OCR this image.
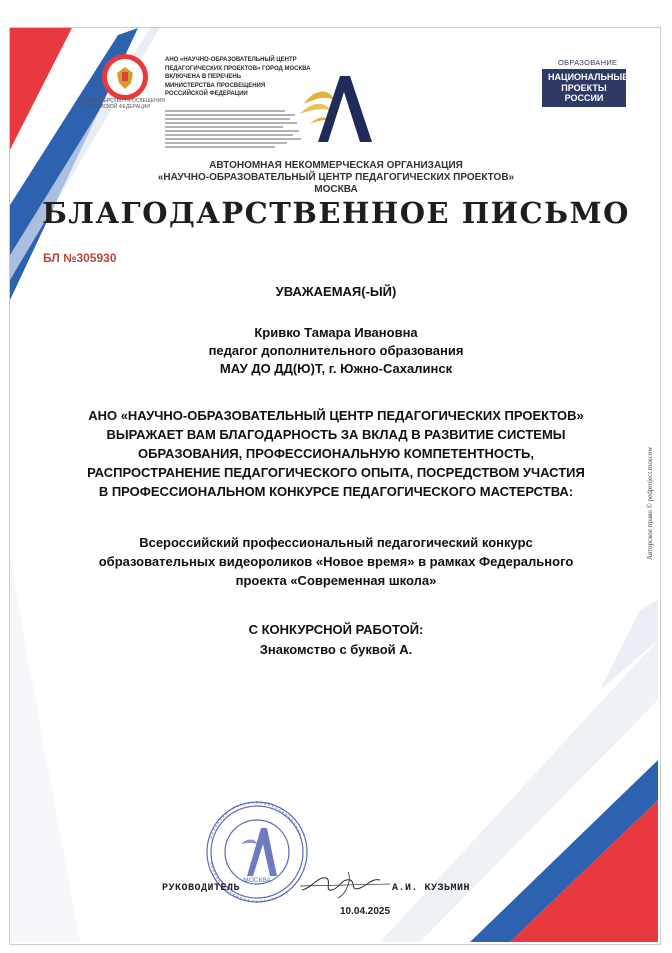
МИНИСТЕРСТВО ПРОСВЕЩЕНИЯ
РОССИЙСКОЙ ФЕДЕРАЦИИ
АНО «НАУЧНО-ОБРАЗОВАТЕЛЬНЫЙ ЦЕНТР
ПЕДАГОГИЧЕСКИХ ПРОЕКТОВ» ГОРОД МОСКВА
ВКЛЮЧЕНА В ПЕРЕЧЕНЬ
МИНИСТЕРСТВА ПРОСВЕЩЕНИЯ
РОССИЙСКОЙ ФЕДЕРАЦИИ
ОБРАЗОВАНИЕ
НАЦИОНАЛЬНЫЕ
ПРОЕКТЫ
РОССИИ
АВТОНОМНАЯ НЕКОММЕРЧЕСКАЯ ОРГАНИЗАЦИЯ
«НАУЧНО-ОБРАЗОВАТЕЛЬНЫЙ ЦЕНТР ПЕДАГОГИЧЕСКИХ ПРОЕКТОВ»
МОСКВА
БЛАГОДАРСТВЕННОЕ ПИСЬМО
БЛ №305930
УВАЖАЕМАЯ(-ЫЙ)
Кривко Тамара Ивановна
педагог дополнительного образования
МАУ ДО ДД(Ю)Т, г. Южно-Сахалинск
АНО «НАУЧНО-ОБРАЗОВАТЕЛЬНЫЙ ЦЕНТР ПЕДАГОГИЧЕСКИХ ПРОЕКТОВ»
ВЫРАЖАЕТ ВАМ БЛАГОДАРНОСТЬ ЗА ВКЛАД В РАЗВИТИЕ СИСТЕМЫ
ОБРАЗОВАНИЯ, ПРОФЕССИОНАЛЬНУЮ КОМПЕТЕНТНОСТЬ,
РАСПРОСТРАНЕНИЕ ПЕДАГОГИЧЕСКОГО ОПЫТА, ПОСРЕДСТВОМ УЧАСТИЯ
В ПРОФЕССИОНАЛЬНОМ КОНКУРСЕ ПЕДАГОГИЧЕСКОГО МАСТЕРСТВА:
Всероссийский профессиональный педагогический конкурс
образовательных видеороликов «Новое время» в рамках Федерального
проекта «Современная школа»
С КОНКУРСНОЙ РАБОТОЙ:
Знакомство с буквой А.
Авторское право © pedproject.moscow
МОСКВА
РУКОВОДИТЕЛЬ	А.И. КУЗЬМИН
10.04.2025
